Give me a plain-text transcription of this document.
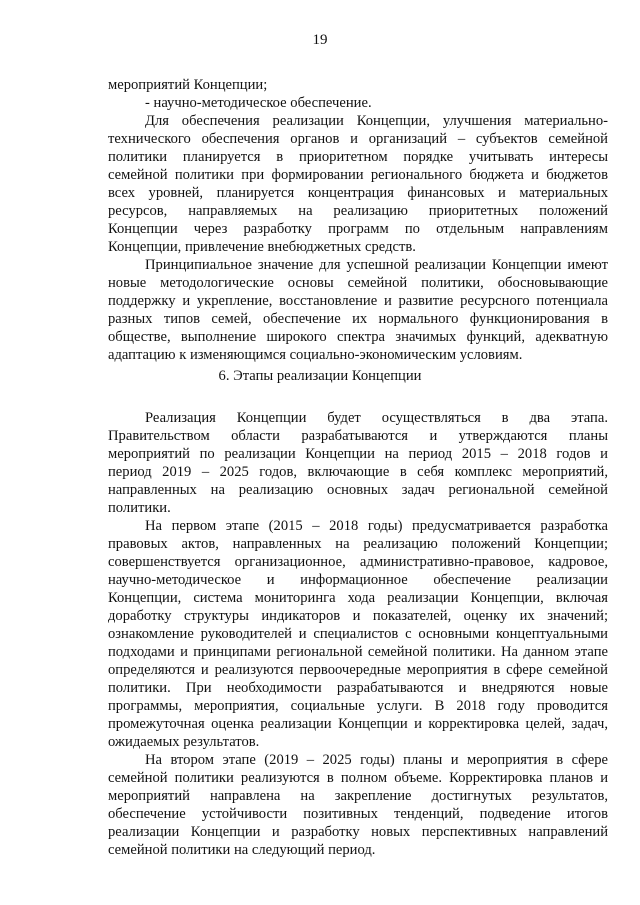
19
мероприятий Концепции;
- научно-методическое обеспечение.
Для обеспечения реализации Концепции, улучшения материально-
технического обеспечения органов и организаций – субъектов семейной
политики планируется в приоритетном порядке учитывать интересы
семейной политики при формировании регионального бюджета и бюджетов
всех уровней, планируется концентрация финансовых и материальных
ресурсов, направляемых на реализацию приоритетных положений
Концепции через разработку программ по отдельным направлениям
Концепции, привлечение внебюджетных средств.
Принципиальное значение для успешной реализации Концепции имеют
новые методологические основы семейной политики, обосновывающие
поддержку и укрепление, восстановление и развитие ресурсного потенциала
разных типов семей, обеспечение их нормального функционирования в
обществе, выполнение широкого спектра значимых функций, адекватную
адаптацию к изменяющимся социально-экономическим условиям.
6. Этапы реализации Концепции
Реализация Концепции будет осуществляться в два этапа.
Правительством области разрабатываются и утверждаются планы
мероприятий по реализации Концепции на период 2015 – 2018 годов и
период 2019 – 2025 годов, включающие в себя комплекс мероприятий,
направленных на реализацию основных задач региональной семейной
политики.
На первом этапе (2015 – 2018 годы) предусматривается разработка
правовых актов, направленных на реализацию положений Концепции;
совершенствуется организационное, административно-правовое, кадровое,
научно-методическое и информационное обеспечение реализации
Концепции, система мониторинга хода реализации Концепции, включая
доработку структуры индикаторов и показателей, оценку их значений;
ознакомление руководителей и специалистов с основными концептуальными
подходами и принципами региональной семейной политики. На данном этапе
определяются и реализуются первоочередные мероприятия в сфере семейной
политики. При необходимости разрабатываются и внедряются новые
программы, мероприятия, социальные услуги. В 2018 году проводится
промежуточная оценка реализации Концепции и корректировка целей, задач,
ожидаемых результатов.
На втором этапе (2019 – 2025 годы) планы и мероприятия в сфере
семейной политики реализуются в полном объеме. Корректировка планов и
мероприятий направлена на закрепление достигнутых результатов,
обеспечение устойчивости позитивных тенденций, подведение итогов
реализации Концепции и разработку новых перспективных направлений
семейной политики на следующий период.
